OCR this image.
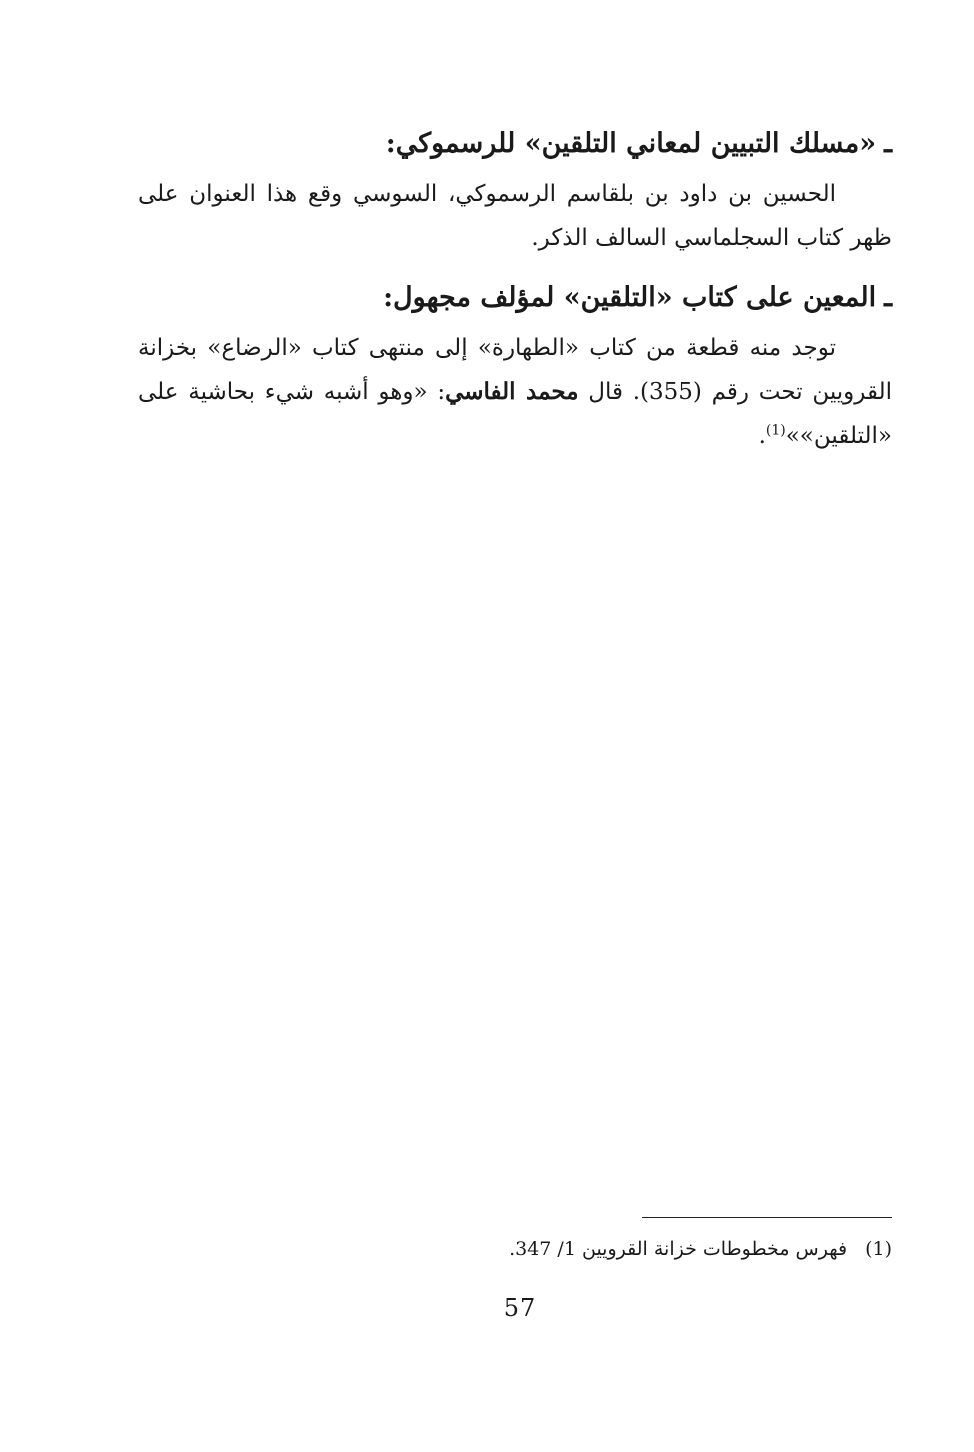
ـ«مسلك التبيين لمعاني التلقين» للرسموكي:
الحسين بن داود بن بلقاسم الرسموكي، السوسي وقع هذا العنوان على ظهر كتاب السجلماسي السالف الذكر.
ـالمعين على كتاب «التلقين» لمؤلف مجهول:
توجد منه قطعة من كتاب «الطهارة» إلى منتهى كتاب «الرضاع» بخزانة القرويين تحت رقم (355). قال محمد الفاسي: «وهو أشبه شيء بحاشية على «التلقين»»$^{(1)}$.
(1)فهرس مخطوطات خزانة القرويين 1/ 347.
57
